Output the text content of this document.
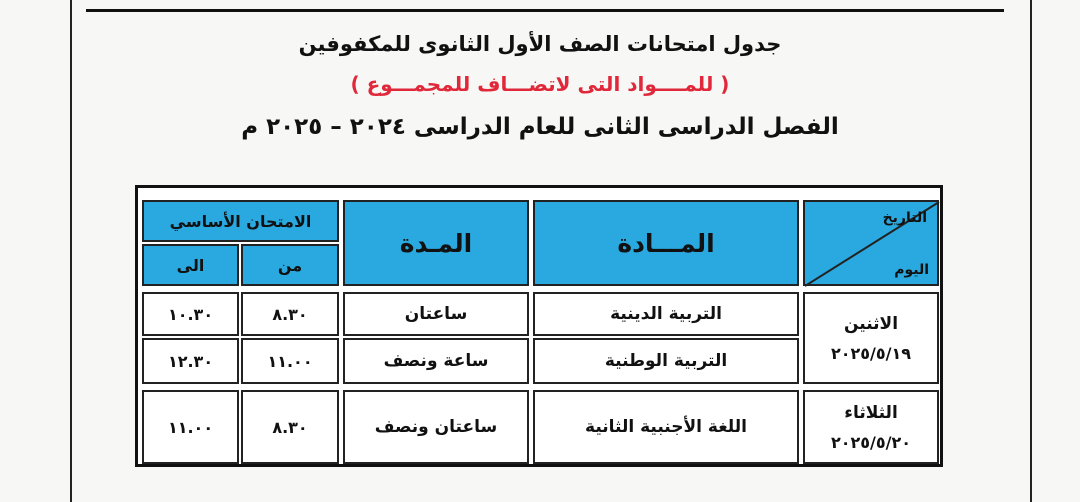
جدول امتحانات الصف الأول الثانوى للمكفوفين

( للمــــواد التى لاتضـــاف للمجمـــوع )

الفصل الدراسى الثانى للعام الدراسى ٢٠٢٤ – ٢٠٢٥ م

التاريخ
اليوم
المـــادة
المـدة
الامتحان الأساسي
من
الى
الاثنين
٢٠٢٥/٥/١٩
التربية الدينية
ساعتان
٨.٣٠
١٠.٣٠
التربية الوطنية
ساعة ونصف
١١.٠٠
١٢.٣٠
الثلاثاء
٢٠٢٥/٥/٢٠
اللغة الأجنبية الثانية
ساعتان ونصف
٨.٣٠
١١.٠٠
